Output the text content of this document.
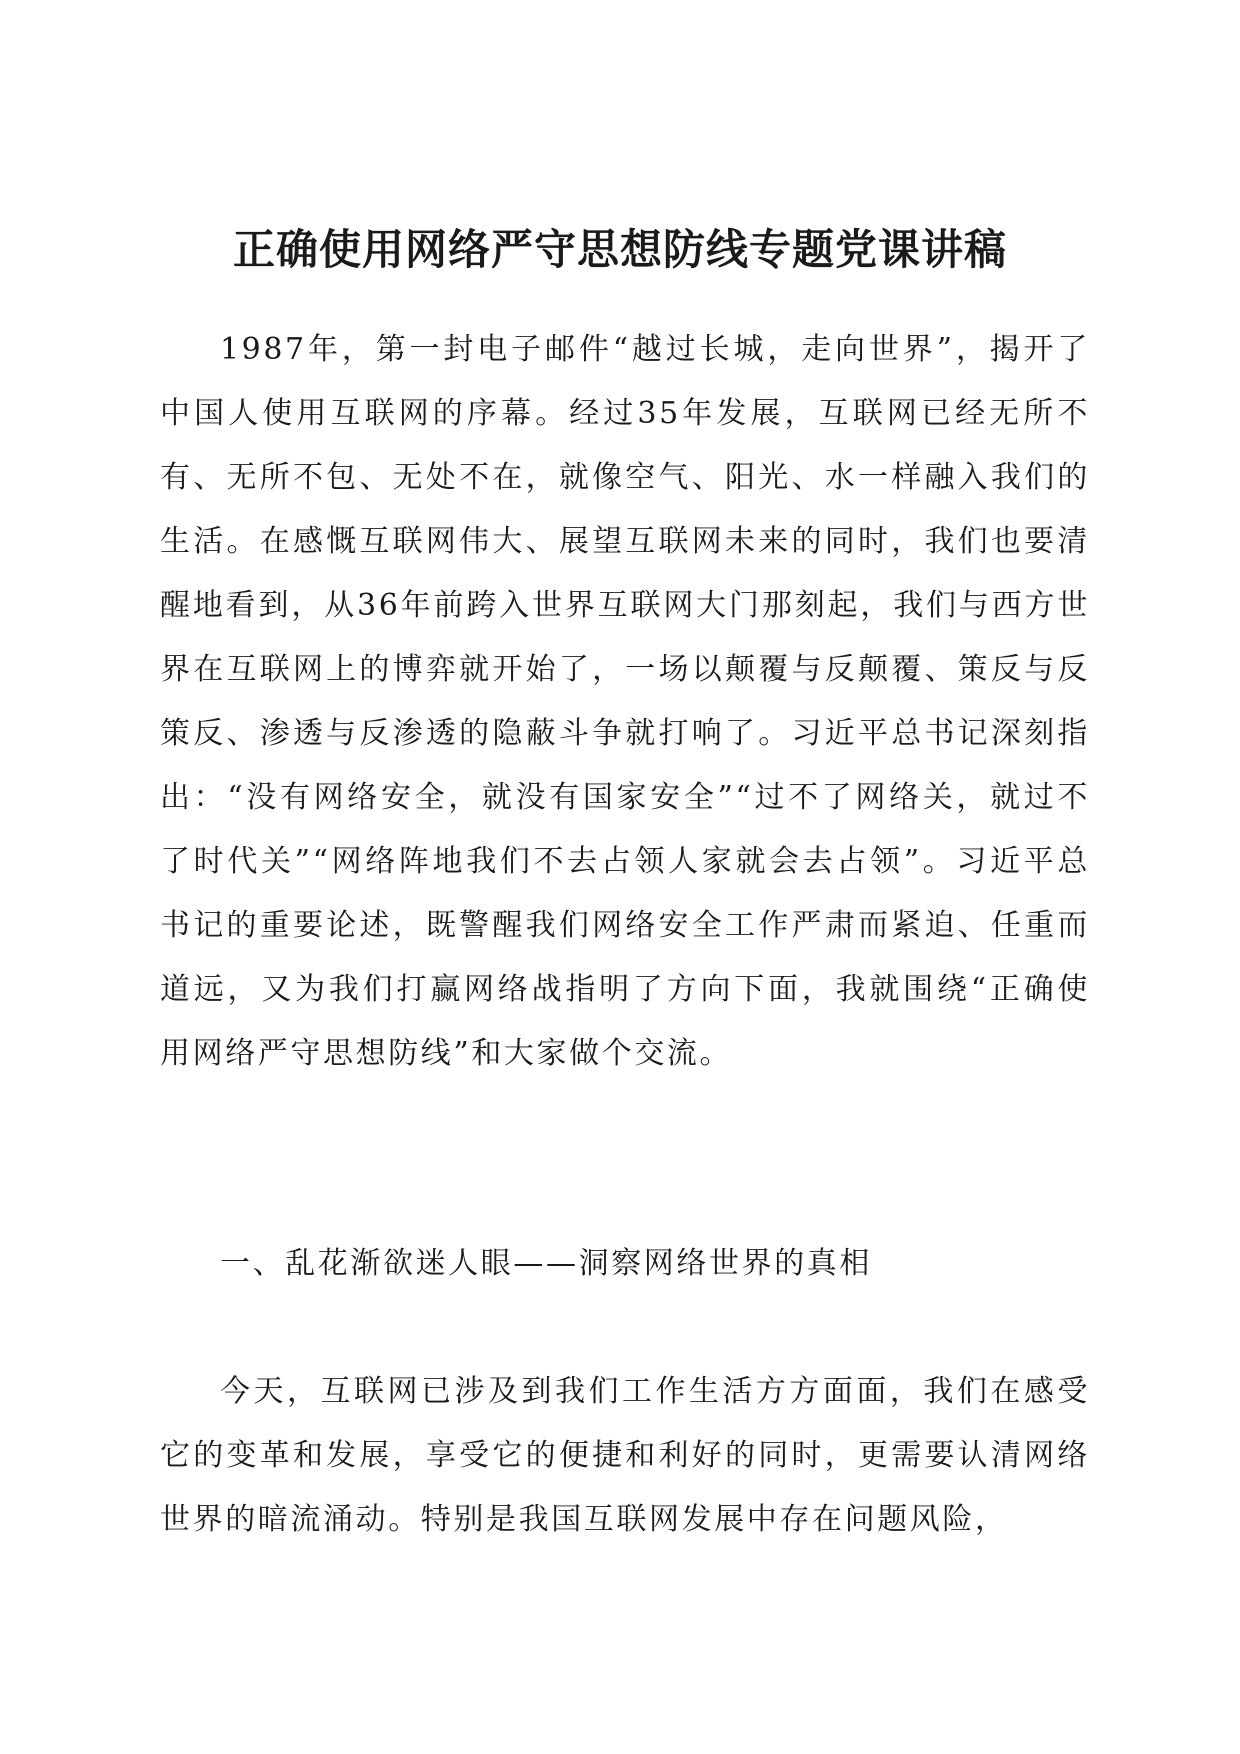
正确使用网络严守思想防线专题党课讲稿

1987年，第一封电子邮件“越过长城，走向世界”，揭开了中国人使用互联网的序幕。经过35年发展，互联网已经无所不有、无所不包、无处不在，就像空气、阳光、水一样融入我们的生活。在感慨互联网伟大、展望互联网未来的同时，我们也要清醒地看到，从36年前跨入世界互联网大门那刻起，我们与西方世界在互联网上的博弈就开始了，一场以颠覆与反颠覆、策反与反策反、渗透与反渗透的隐蔽斗争就打响了。习近平总书记深刻指出：“没有网络安全，就没有国家安全”“过不了网络关，就过不了时代关”“网络阵地我们不去占领人家就会去占领”。习近平总书记的重要论述，既警醒我们网络安全工作严肃而紧迫、任重而道远，又为我们打赢网络战指明了方向下面，我就围绕“正确使用网络严守思想防线”和大家做个交流。

一、乱花渐欲迷人眼——洞察网络世界的真相

今天，互联网已涉及到我们工作生活方方面面，我们在感受它的变革和发展，享受它的便捷和利好的同时，更需要认清网络世界的暗流涌动。特别是我国互联网发展中存在问题风险，
